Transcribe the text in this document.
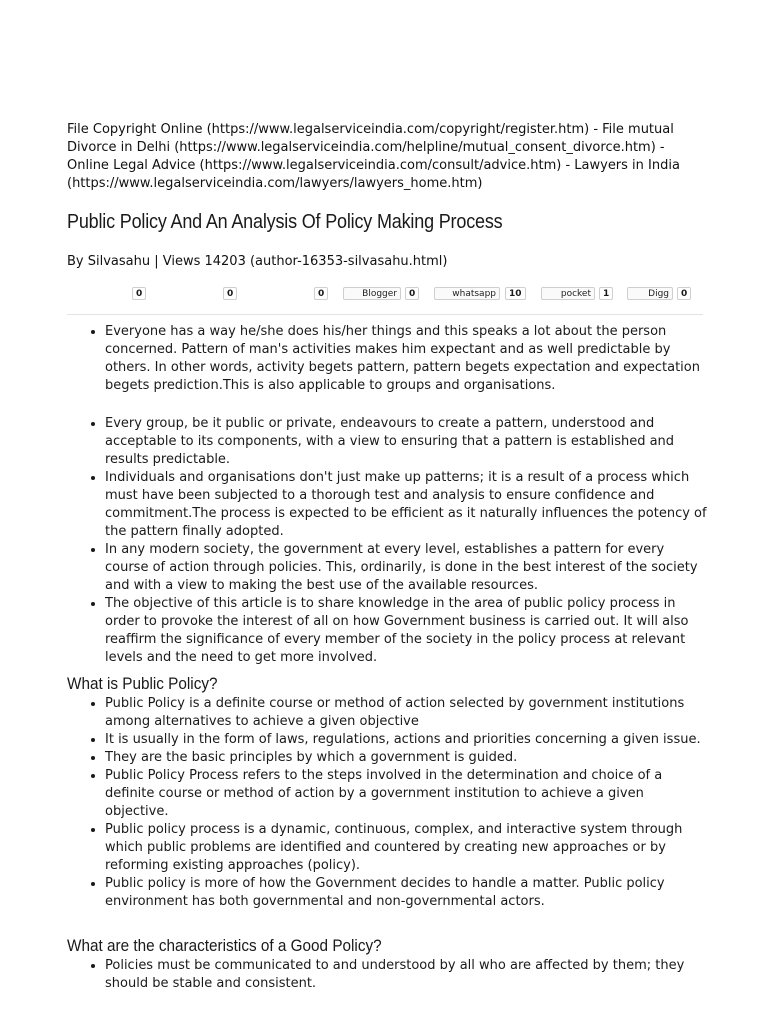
File Copyright Online (https://www.legalserviceindia.com/copyright/register.htm) - File mutual Divorce in Delhi (https://www.legalserviceindia.com/helpline/mutual_consent_divorce.htm) - Online Legal Advice (https://www.legalserviceindia.com/consult/advice.htm) - Lawyers in India (https://www.legalserviceindia.com/lawyers/lawyers_home.htm)
Public Policy And An Analysis Of Policy Making Process
By Silvasahu | Views 14203 (author-16353-silvasahu.html)
0	0	0	Blogger	0	whatsapp	10	pocket	1	Digg	0
• Everyone has a way he/she does his/her things and this speaks a lot about the person concerned. Pattern of man's activities makes him expectant and as well predictable by others. In other words, activity begets pattern, pattern begets expectation and expectation begets prediction.This is also applicable to groups and organisations.
• Every group, be it public or private, endeavours to create a pattern, understood and acceptable to its components, with a view to ensuring that a pattern is established and results predictable.
• Individuals and organisations don't just make up patterns; it is a result of a process which must have been subjected to a thorough test and analysis to ensure confidence and commitment.The process is expected to be efficient as it naturally influences the potency of the pattern finally adopted.
• In any modern society, the government at every level, establishes a pattern for every course of action through policies. This, ordinarily, is done in the best interest of the society and with a view to making the best use of the available resources.
• The objective of this article is to share knowledge in the area of public policy process in order to provoke the interest of all on how Government business is carried out. It will also reaffirm the significance of every member of the society in the policy process at relevant levels and the need to get more involved.
What is Public Policy?
• Public Policy is a definite course or method of action selected by government institutions among alternatives to achieve a given objective
• It is usually in the form of laws, regulations, actions and priorities concerning a given issue.
• They are the basic principles by which a government is guided.
• Public Policy Process refers to the steps involved in the determination and choice of a definite course or method of action by a government institution to achieve a given objective.
• Public policy process is a dynamic, continuous, complex, and interactive system through which public problems are identified and countered by creating new approaches or by reforming existing approaches (policy).
• Public policy is more of how the Government decides to handle a matter. Public policy environment has both governmental and non-governmental actors.
What are the characteristics of a Good Policy?
• Policies must be communicated to and understood by all who are affected by them; they should be stable and consistent.
